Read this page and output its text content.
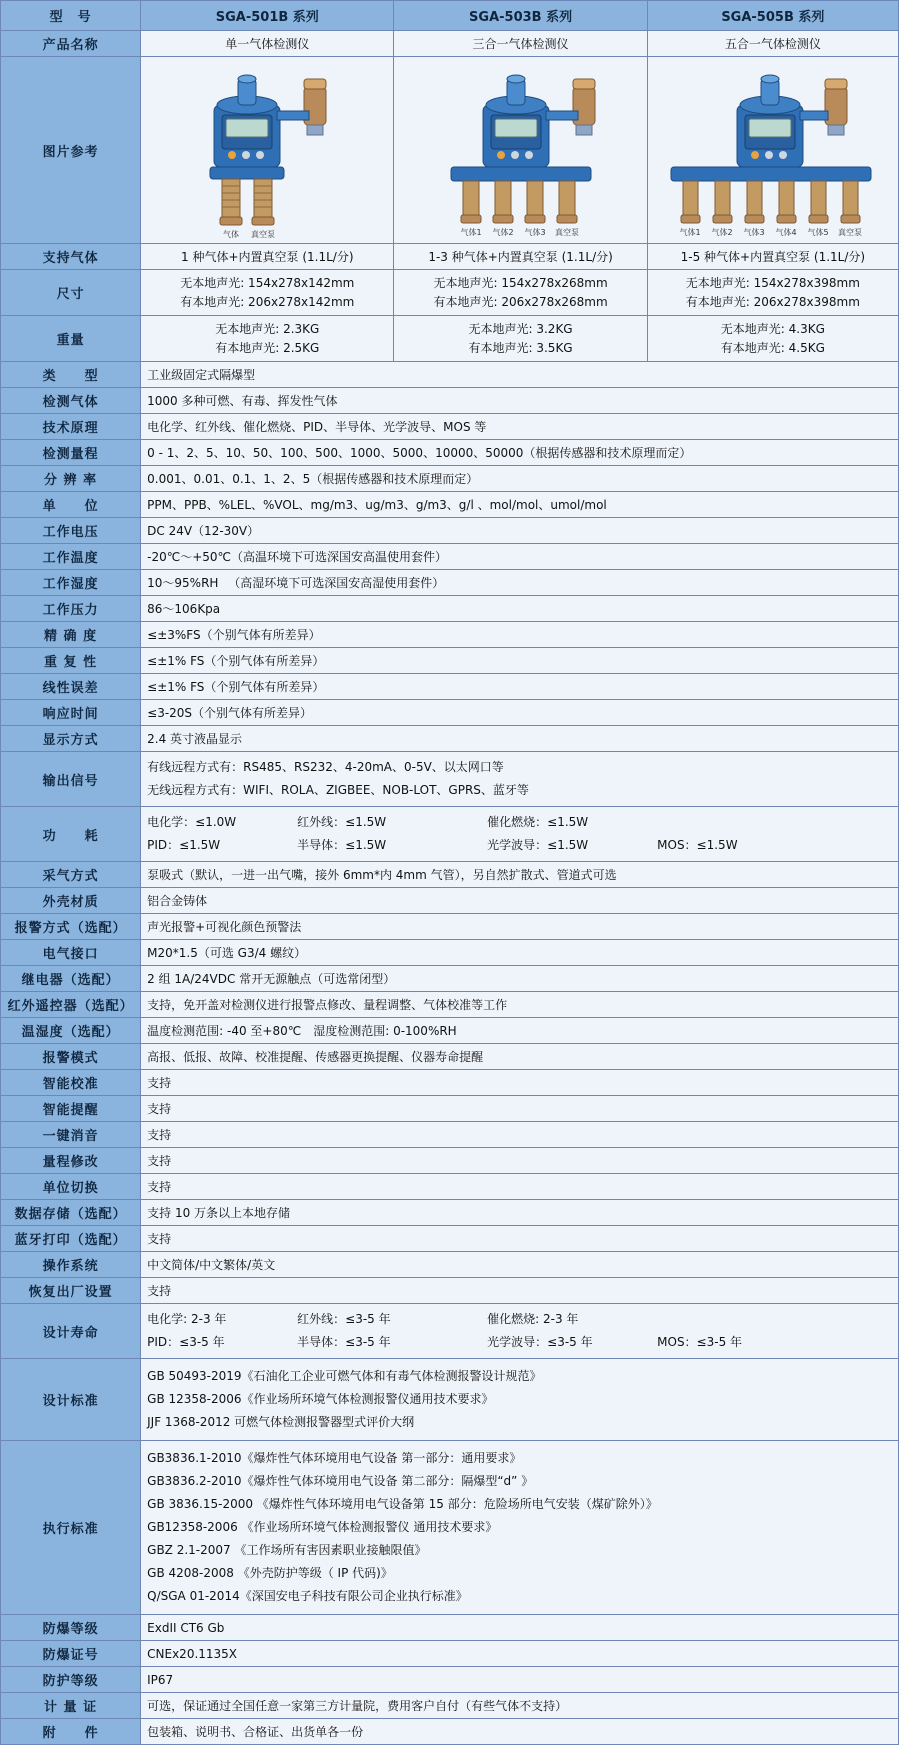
型　号	SGA-501B 系列	SGA-503B 系列	SGA-505B 系列
产品名称	单一气体检测仪	三合一气体检测仪	五合一气体检测仪
图片参考	
气体 真空泵	气体1 气体2 气体3 真空泵	气体1 气体2 气体3 气体4 气体5 真空泵

支持气体	1 种气体+内置真空泵 (1.1L/分)	1-3 种气体+内置真空泵 (1.1L/分)	1-5 种气体+内置真空泵 (1.1L/分)
尺寸	
无本地声光: 154x278x142mm
有本地声光: 206x278x142mm

无本地声光: 154x278x268mm
有本地声光: 206x278x268mm

无本地声光: 154x278x398mm
有本地声光: 206x278x398mm

重量	
无本地声光: 2.3KG
有本地声光: 2.5KG

无本地声光: 3.2KG
有本地声光: 3.5KG

无本地声光: 4.3KG
有本地声光: 4.5KG

类　　型	工业级固定式隔爆型		
检测气体	1000 多种可燃、有毒、挥发性气体		
技术原理	电化学、红外线、催化燃烧、PID、半导体、光学波导、MOS 等		
检测量程	0 - 1、2、5、10、50、100、500、1000、5000、10000、50000（根据传感器和技术原理而定）		
分 辨 率	0.001、0.01、0.1、1、2、5（根据传感器和技术原理而定）		
单　　位	PPM、PPB、%LEL、%VOL、mg/m3、ug/m3、g/m3、g/l 、mol/mol、umol/mol		
工作电压	DC 24V（12-30V）		
工作温度	-20℃～+50℃（高温环境下可选深国安高温使用套件）		
工作湿度	10～95%RH 　（高湿环境下可选深国安高湿使用套件）		
工作压力	86～106Kpa		
精 确 度	≤±3%FS（个别气体有所差异）		
重 复 性	≤±1% FS（个别气体有所差异）		
线性误差	≤±1% FS（个别气体有所差异）		
响应时间	≤3-20S（个别气体有所差异）		
显示方式	2.4 英寸液晶显示		
输出信号	有线远程方式有：RS485、RS232、4-20mA、0-5V、以太网口等
无线远程方式有：WIFI、ROLA、ZIGBEE、NOB-LOT、GPRS、蓝牙等		

功　　耗	
电化学：≤1.0W	红外线：≤1.5W	催化燃烧：≤1.5W
PID：≤1.5W	半导体：≤1.5W	光学波导：≤1.5W	MOS：≤1.5W

采气方式	泵吸式（默认，一进一出气嘴，接外 6mm*内 4mm 气管），另自然扩散式、管道式可选		
外壳材质	铝合金铸体		
报警方式（选配）	声光报警+可视化颜色预警法		
电气接口	M20*1.5（可选 G3/4 螺纹）		
继电器（选配）	2 组 1A/24VDC 常开无源触点（可选常闭型）		
红外遥控器（选配）	支持，免开盖对检测仪进行报警点修改、量程调整、气体校准等工作		
温湿度（选配）	温度检测范围: -40 至+80℃　湿度检测范围: 0-100%RH		
报警模式	高报、低报、故障、校准提醒、传感器更换提醒、仪器寿命提醒		
智能校准	支持		
智能提醒	支持		
一键消音	支持		
量程修改	支持		
单位切换	支持		
数据存储（选配）	支持 10 万条以上本地存储		
蓝牙打印（选配）	支持		
操作系统	中文简体/中文繁体/英文		
恢复出厂设置	支持		
设计寿命	
电化学: 2-3 年	红外线：≤3-5 年	催化燃烧: 2-3 年
PID：≤3-5 年	半导体：≤3-5 年	光学波导：≤3-5 年	MOS：≤3-5 年

设计标准	GB 50493-2019《石油化工企业可燃气体和有毒气体检测报警设计规范》
GB 12358-2006《作业场所环境气体检测报警仪通用技术要求》
JJF 1368-2012 可燃气体检测报警器型式评价大纲		

执行标准	
GB3836.1-2010《爆炸性气体环境用电气设备 第一部分：通用要求》
GB3836.2-2010《爆炸性气体环境用电气设备 第二部分：隔爆型“d” 》
GB 3836.15-2000 《爆炸性气体环境用电气设备第 15 部分：危险场所电气安装（煤矿除外）》
GB12358-2006 《作业场所环境气体检测报警仪 通用技术要求》
GBZ 2.1-2007 《工作场所有害因素职业接触限值》
GB 4208-2008 《外壳防护等级（ IP 代码)》
Q/SGA 01-2014《深国安电子科技有限公司企业执行标准》

防爆等级	ExdII CT6 Gb		
防爆证号	CNEx20.1135X		
防护等级	IP67		
计 量 证	可选，保证通过全国任意一家第三方计量院，费用客户自付（有些气体不支持）		
附　　件	包装箱、说明书、合格证、出货单各一份		
